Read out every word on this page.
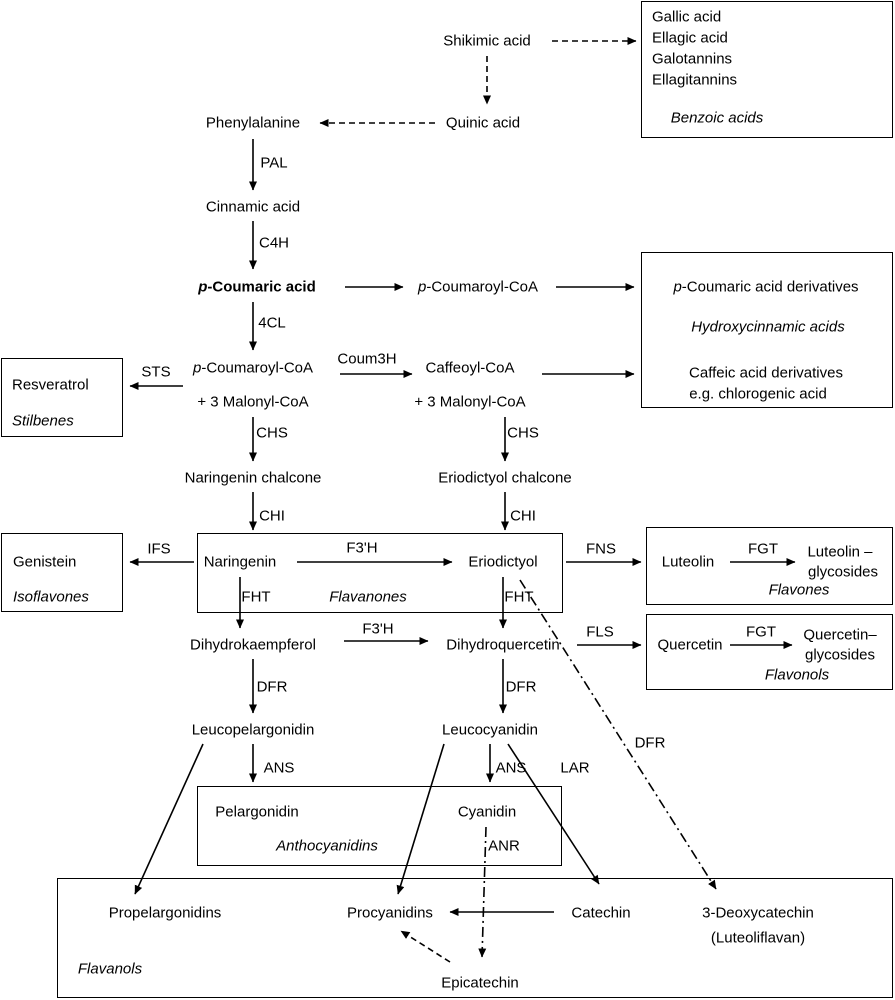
Shikimic acid
Quinic acid
Phenylalanine
Cinnamic acid
p-Coumaric acid	p-Coumaroyl-CoA
p-Coumaroyl-CoA
+ 3 Malonyl-CoA
Caffeoyl-CoA
+ 3 Malonyl-CoA
Naringenin chalcone	Eriodictyol chalcone
Naringenin	Eriodictyol
Dihydrokaempferol	Dihydroquercetin
Leucopelargonidin	Leucocyanidin
Pelargonidin	Cyanidin
Propelargonidins	Procyanidins	Catechin	3-Deoxycatechin
(Luteoliflavan)
Epicatechin
Gallic acid
Ellagic acid
Galotannins
Ellagitannins
Benzoic acids
p-Coumaric acid derivatives
Hydroxycinnamic acids
Caffeic acid derivatives
e.g. chlorogenic acid
Resveratrol
Stilbenes
Genistein
Isoflavones	Flavanones	Flavones
Flavonols
Anthocyanidins
Flavanols
Luteolin
Luteolin –
glycosides
Quercetin
Quercetin–
glycosides
PAL
C4H
4CL
Coum3H
STS
CHS	CHS
CHI	CHI
IFS	F3'H	FNS	FGT
FHT	FHT
F3'H	FLS	FGT
DFR	DFR
DFR
ANS	ANS LAR
ANR
